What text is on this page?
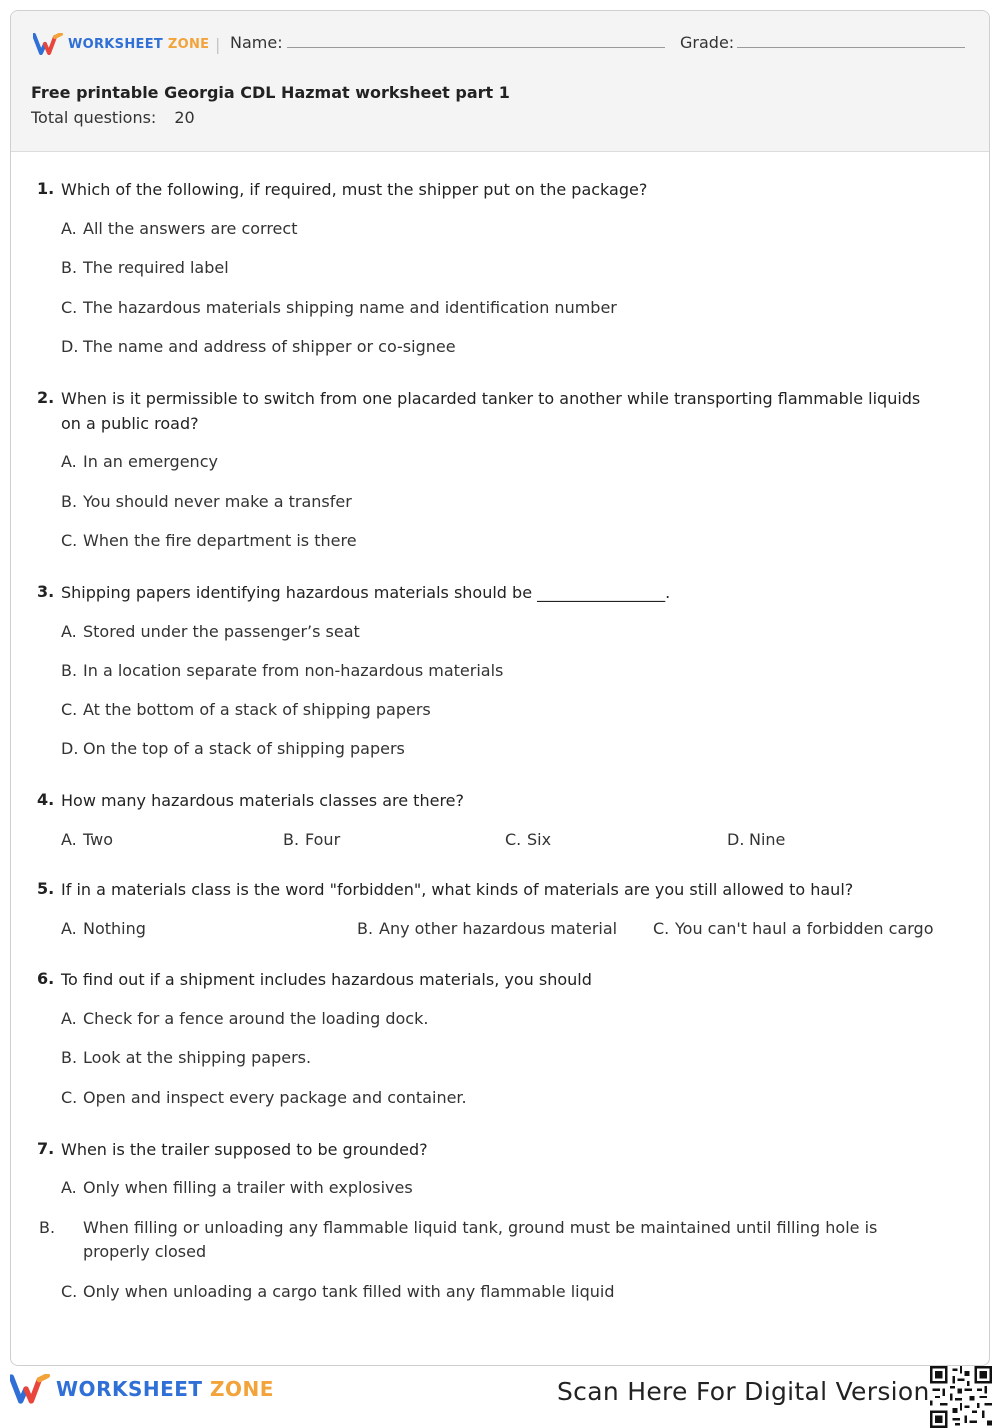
WORKSHEET ZONE | Name:	Grade:
Free printable Georgia CDL Hazmat worksheet part 1
Total questions: 20
1. Which of the following, if required, must the shipper put on the package?
A. All the answers are correct
B. The required label
C. The hazardous materials shipping name and identification number
D. The name and address of shipper or co-signee
2. When is it permissible to switch from one placarded tanker to another while transporting flammable liquids on a public road?
A. In an emergency
B. You should never make a transfer
C. When the fire department is there
3. Shipping papers identifying hazardous materials should be ________________.
A. Stored under the passenger’s seat
B. In a location separate from non-hazardous materials
C. At the bottom of a stack of shipping papers
D. On the top of a stack of shipping papers
4. How many hazardous materials classes are there?
A. Two	B. Four	C. Six	D. Nine
5. If in a materials class is the word "forbidden", what kinds of materials are you still allowed to haul?
A. Nothing	B. Any other hazardous material C. You can't haul a forbidden cargo
6. To find out if a shipment includes hazardous materials, you should
A. Check for a fence around the loading dock.
B. Look at the shipping papers.
C. Open and inspect every package and container.
7. When is the trailer supposed to be grounded?
A. Only when filling a trailer with explosives
B. When filling or unloading any flammable liquid tank, ground must be maintained until filling hole is properly closed
C. Only when unloading a cargo tank filled with any flammable liquid
WORKSHEET ZONE	Scan Here For Digital Version
